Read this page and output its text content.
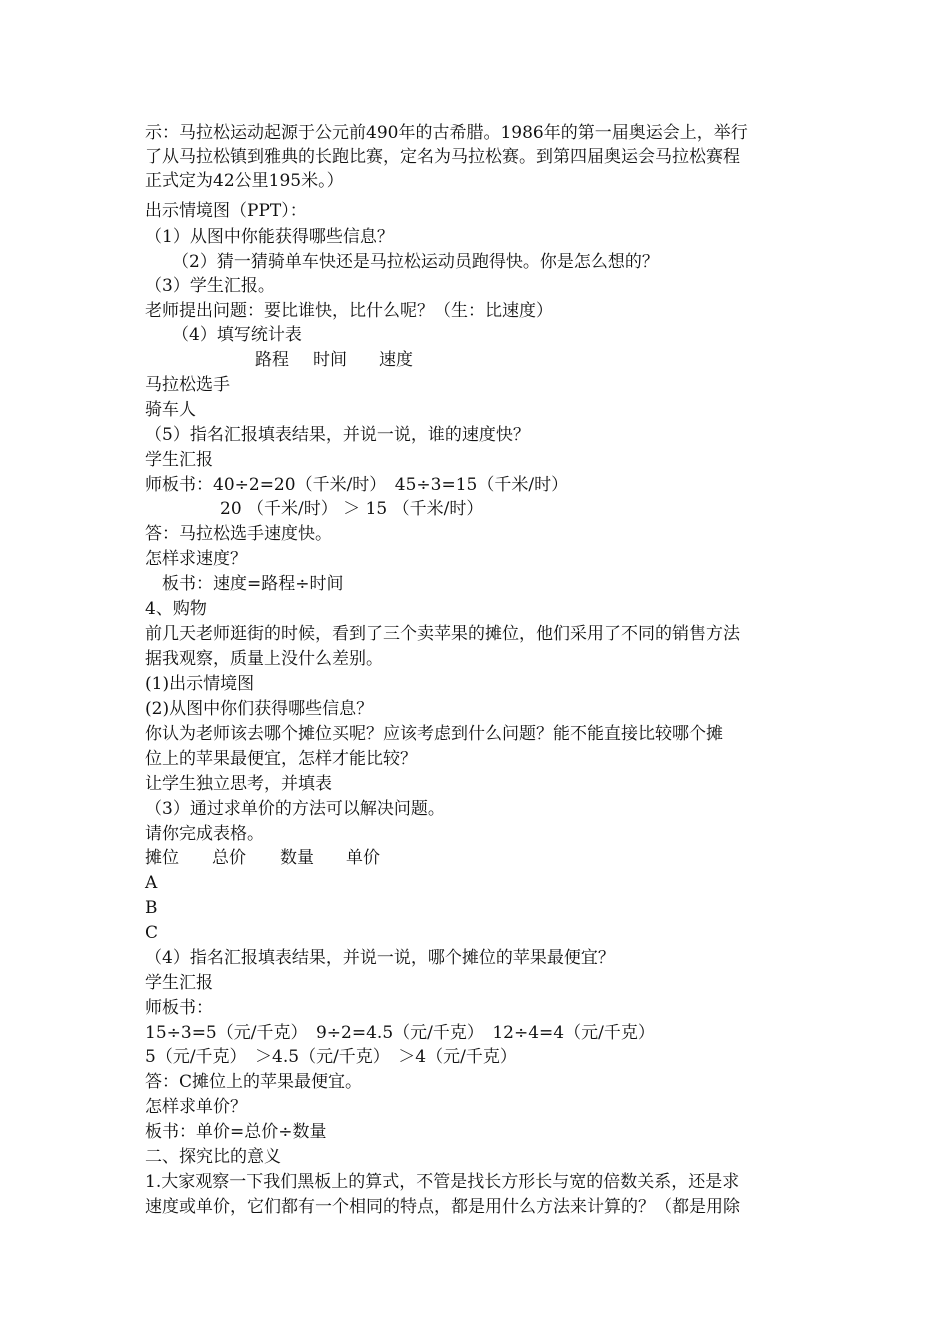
示：马拉松运动起源于公元前490年的古希腊。1986年的第一届奥运会上，举行
了从马拉松镇到雅典的长跑比赛，定名为马拉松赛。到第四届奥运会马拉松赛程
正式定为42公里195米。）
出示情境图（PPT）：
（1）从图中你能获得哪些信息？
（2）猜一猜骑单车快还是马拉松运动员跑得快。你是怎么想的？
（3）学生汇报。
老师提出问题：要比谁快，比什么呢？（生：比速度）
（4）填写统计表
路程 时间 速度
马拉松选手
骑车人
（5）指名汇报填表结果，并说一说，谁的速度快？
学生汇报
师板书：40÷2=20（千米/时）　45÷3=15（千米/时）
20 （千米/时） ＞ 15 （千米/时）
答：马拉松选手速度快。
怎样求速度？
板书：速度=路程÷时间
4、购物
前几天老师逛街的时候，看到了三个卖苹果的摊位，他们采用了不同的销售方法
据我观察，质量上没什么差别。
(1)出示情境图
(2)从图中你们获得哪些信息？
你认为老师该去哪个摊位买呢？应该考虑到什么问题？能不能直接比较哪个摊
位上的苹果最便宜，怎样才能比较？
让学生独立思考，并填表
（3）通过求单价的方法可以解决问题。
请你完成表格。
摊位 总价 数量 单价
A
B
C
（4）指名汇报填表结果，并说一说，哪个摊位的苹果最便宜？
学生汇报
师板书：
15÷3=5（元/千克）　9÷2=4.5（元/千克）　12÷4=4（元/千克）
5（元/千克）　＞4.5（元/千克）　＞4（元/千克）
答：C摊位上的苹果最便宜。
怎样求单价？
板书：单价=总价÷数量
二、探究比的意义
1.大家观察一下我们黑板上的算式，不管是找长方形长与宽的倍数关系，还是求
速度或单价，它们都有一个相同的特点，都是用什么方法来计算的？（都是用除
